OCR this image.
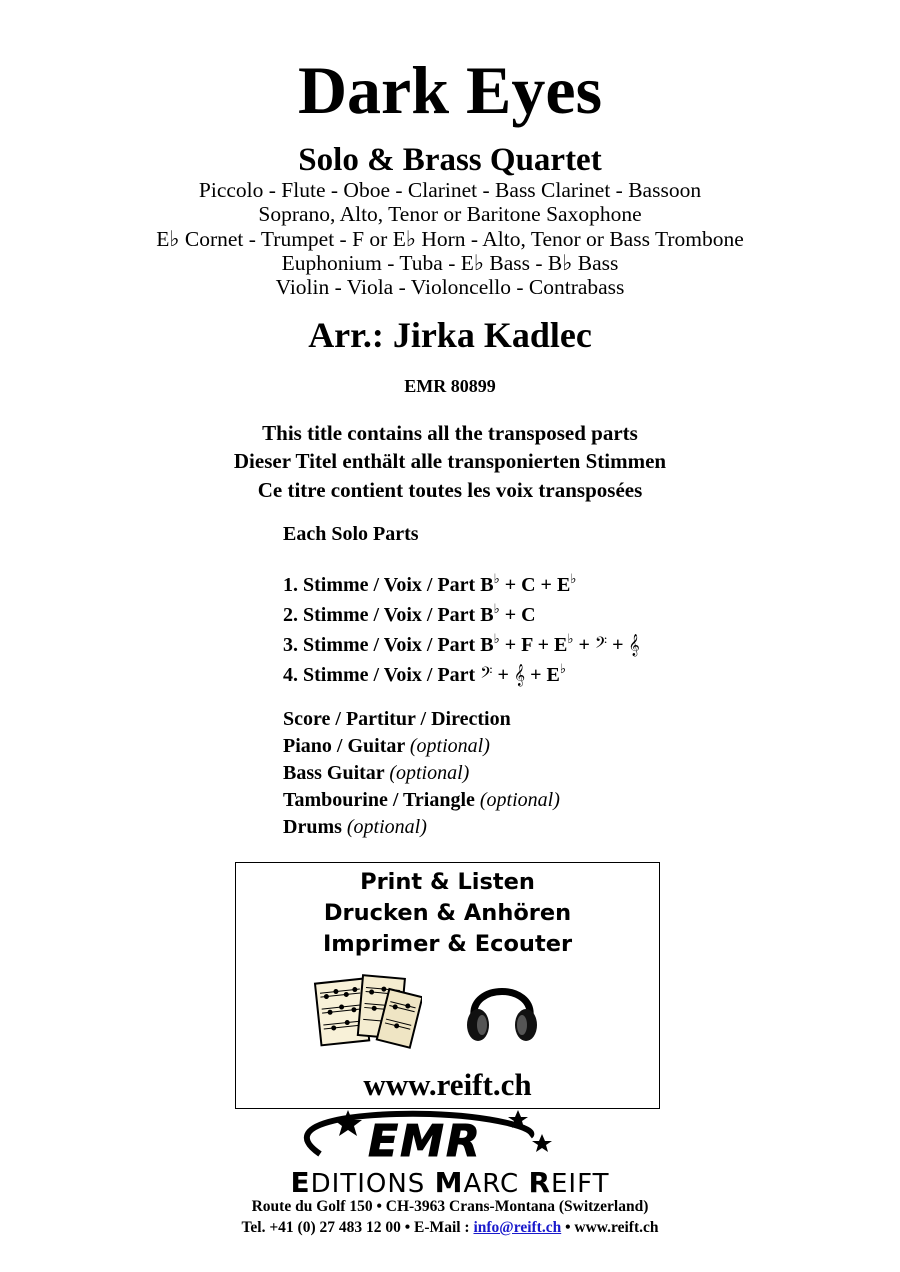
Dark Eyes
Solo & Brass Quartet
Piccolo - Flute - Oboe - Clarinet - Bass Clarinet - Bassoon
Soprano, Alto, Tenor or Baritone Saxophone
E♭ Cornet - Trumpet - F or E♭ Horn - Alto, Tenor or Bass Trombone
Euphonium - Tuba - E♭ Bass - B♭ Bass
Violin - Viola - Violoncello - Contrabass
Arr.: Jirka Kadlec
EMR 80899
This title contains all the transposed parts
Dieser Titel enthält alle transponierten Stimmen
Ce titre contient toutes les voix transposées
Each Solo Parts
1. Stimme / Voix / Part B♭ + C + E♭
2. Stimme / Voix / Part B♭ + C
3. Stimme / Voix / Part B♭ + F + E♭ + 𝄢 + 𝄞
4. Stimme / Voix / Part 𝄢 + 𝄞 + E♭
Score / Partitur / Direction
Piano / Guitar (optional)
Bass Guitar (optional)
Tambourine / Triangle (optional)
Drums (optional)
Print & Listen
Drucken & Anhören
Imprimer & Ecouter
www.reift.ch
EMR
EDITIONS MARC REIFT
Route du Golf 150 • CH-3963 Crans-Montana (Switzerland)
Tel. +41 (0) 27 483 12 00 • E-Mail : info@reift.ch • www.reift.ch
